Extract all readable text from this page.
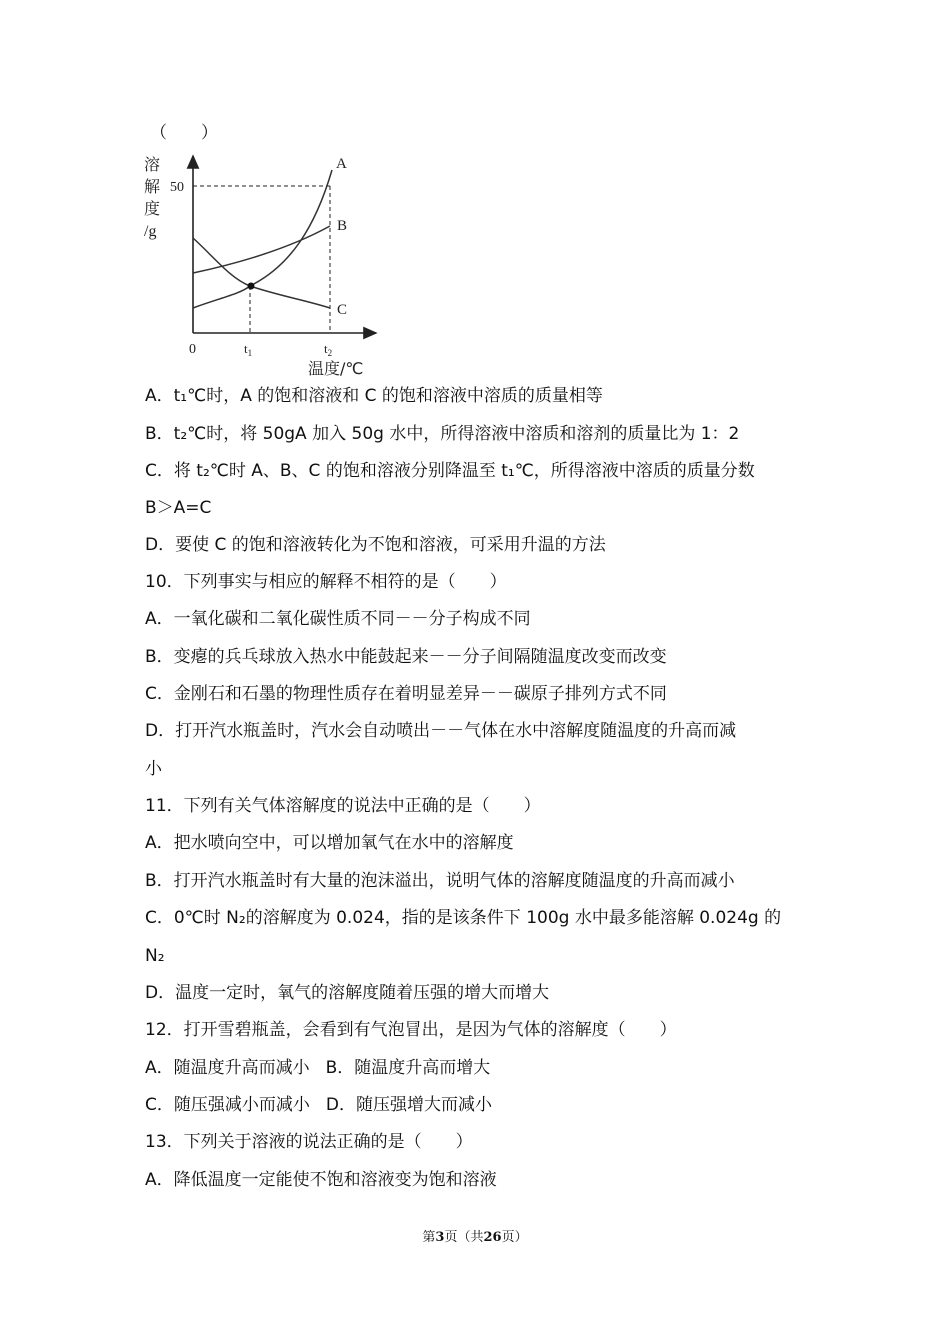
（　　）
溶
解
度
/g
50
0	$t_1$	$t_2$
温度/℃
A
B
C
A．t₁℃时，A 的饱和溶液和 C 的饱和溶液中溶质的质量相等
B．t₂℃时，将 50gA 加入 50g 水中，所得溶液中溶质和溶剂的质量比为 1：2
C．将 t₂℃时 A、B、C 的饱和溶液分别降温至 t₁℃，所得溶液中溶质的质量分数
B＞A=C
D．要使 C 的饱和溶液转化为不饱和溶液，可采用升温的方法
10．下列事实与相应的解释不相符的是（　　）
A．一氧化碳和二氧化碳性质不同－－分子构成不同
B．变瘪的兵乓球放入热水中能鼓起来－－分子间隔随温度改变而改变
C．金刚石和石墨的物理性质存在着明显差异－－碳原子排列方式不同
D．打开汽水瓶盖时，汽水会自动喷出－－气体在水中溶解度随温度的升高而减
小
11．下列有关气体溶解度的说法中正确的是（　　）
A．把水喷向空中，可以增加氧气在水中的溶解度
B．打开汽水瓶盖时有大量的泡沫溢出，说明气体的溶解度随温度的升高而减小
C．0℃时 N₂的溶解度为 0.024，指的是该条件下 100g 水中最多能溶解 0.024g 的
N₂
D．温度一定时，氧气的溶解度随着压强的增大而增大
12．打开雪碧瓶盖，会看到有气泡冒出，是因为气体的溶解度（　　）
A．随温度升高而减小 B．随温度升高而增大
C．随压强减小而减小 D．随压强增大而减小
13．下列关于溶液的说法正确的是（　　）
A．降低温度一定能使不饱和溶液变为饱和溶液
第3页（共26页）
